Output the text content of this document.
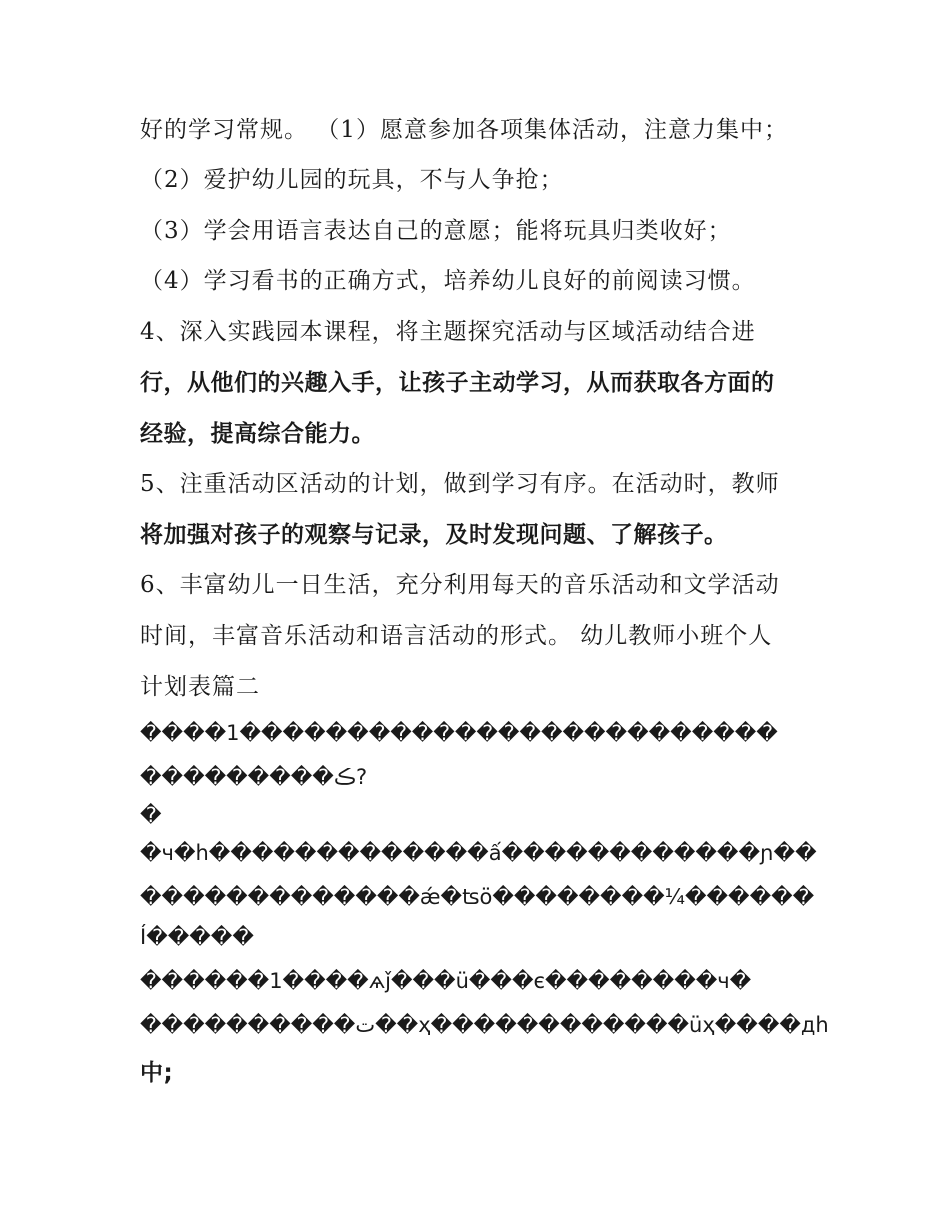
好的学习常规。 （1）愿意参加各项集体活动，注意力集中；
（2）爱护幼儿园的玩具，不与人争抢；
（3）学会用语言表达自己的意愿；能将玩具归类收好；
（4）学习看书的正确方式，培养幼儿良好的前阅读习惯。
4、深入实践园本课程，将主题探究活动与区域活动结合进
行，从他们的兴趣入手，让孩子主动学习，从而获取各方面的
经验，提高综合能力。
5、注重活动区活动的计划，做到学习有序。在活动时，教师
将加强对孩子的观察与记录，及时发现问题、了解孩子。
6、丰富幼儿一日生活，充分利用每天的音乐活动和文学活动
时间，丰富音乐活动和语言活动的形式。 幼儿教师小班个人
计划表篇二
����1�������������������������
���������ڪ?
�
�ч�h�������������ấ������������ɲ��
�������������ǽ�ʦö��������¼������
Í�����
������1����ѧǰ���ü���є��������ч�
����������ت��ҳ������������üҳ����дh
中;
